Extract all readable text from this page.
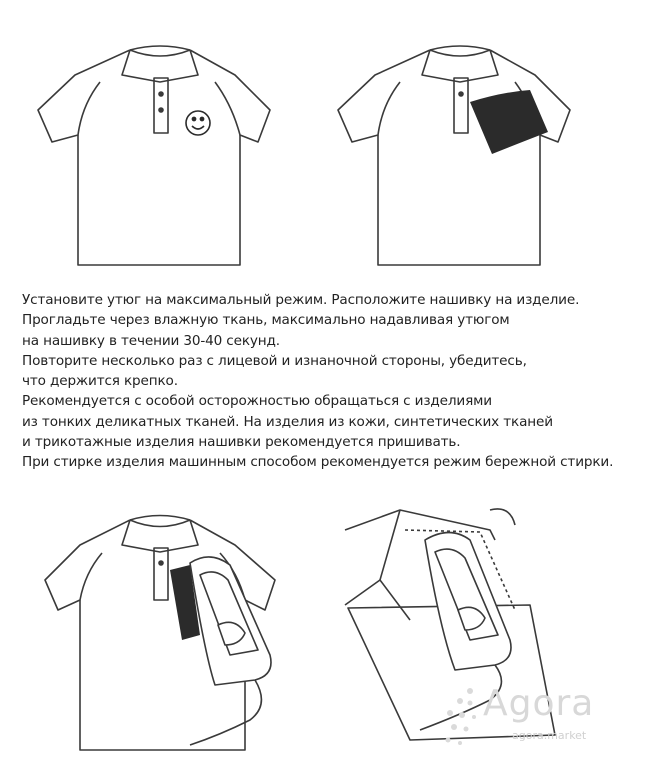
Установите утюг на максимальный режим. Расположите нашивку на изделие.

Прогладьте через влажную ткань, максимально надавливая утюгом

на нашивку в течении 30-40 секунд.

Повторите несколько раз с лицевой и изнаночной стороны, убедитесь,

что держится крепко.

Рекомендуется с особой осторожностью обращаться с изделиями

из тонких деликатных тканей. На изделия из кожи, синтетических тканей

и трикотажные изделия нашивки рекомендуется пришивать.

При стирке изделия машинным способом рекомендуется режим бережной стирки.

Agora
agora.market
